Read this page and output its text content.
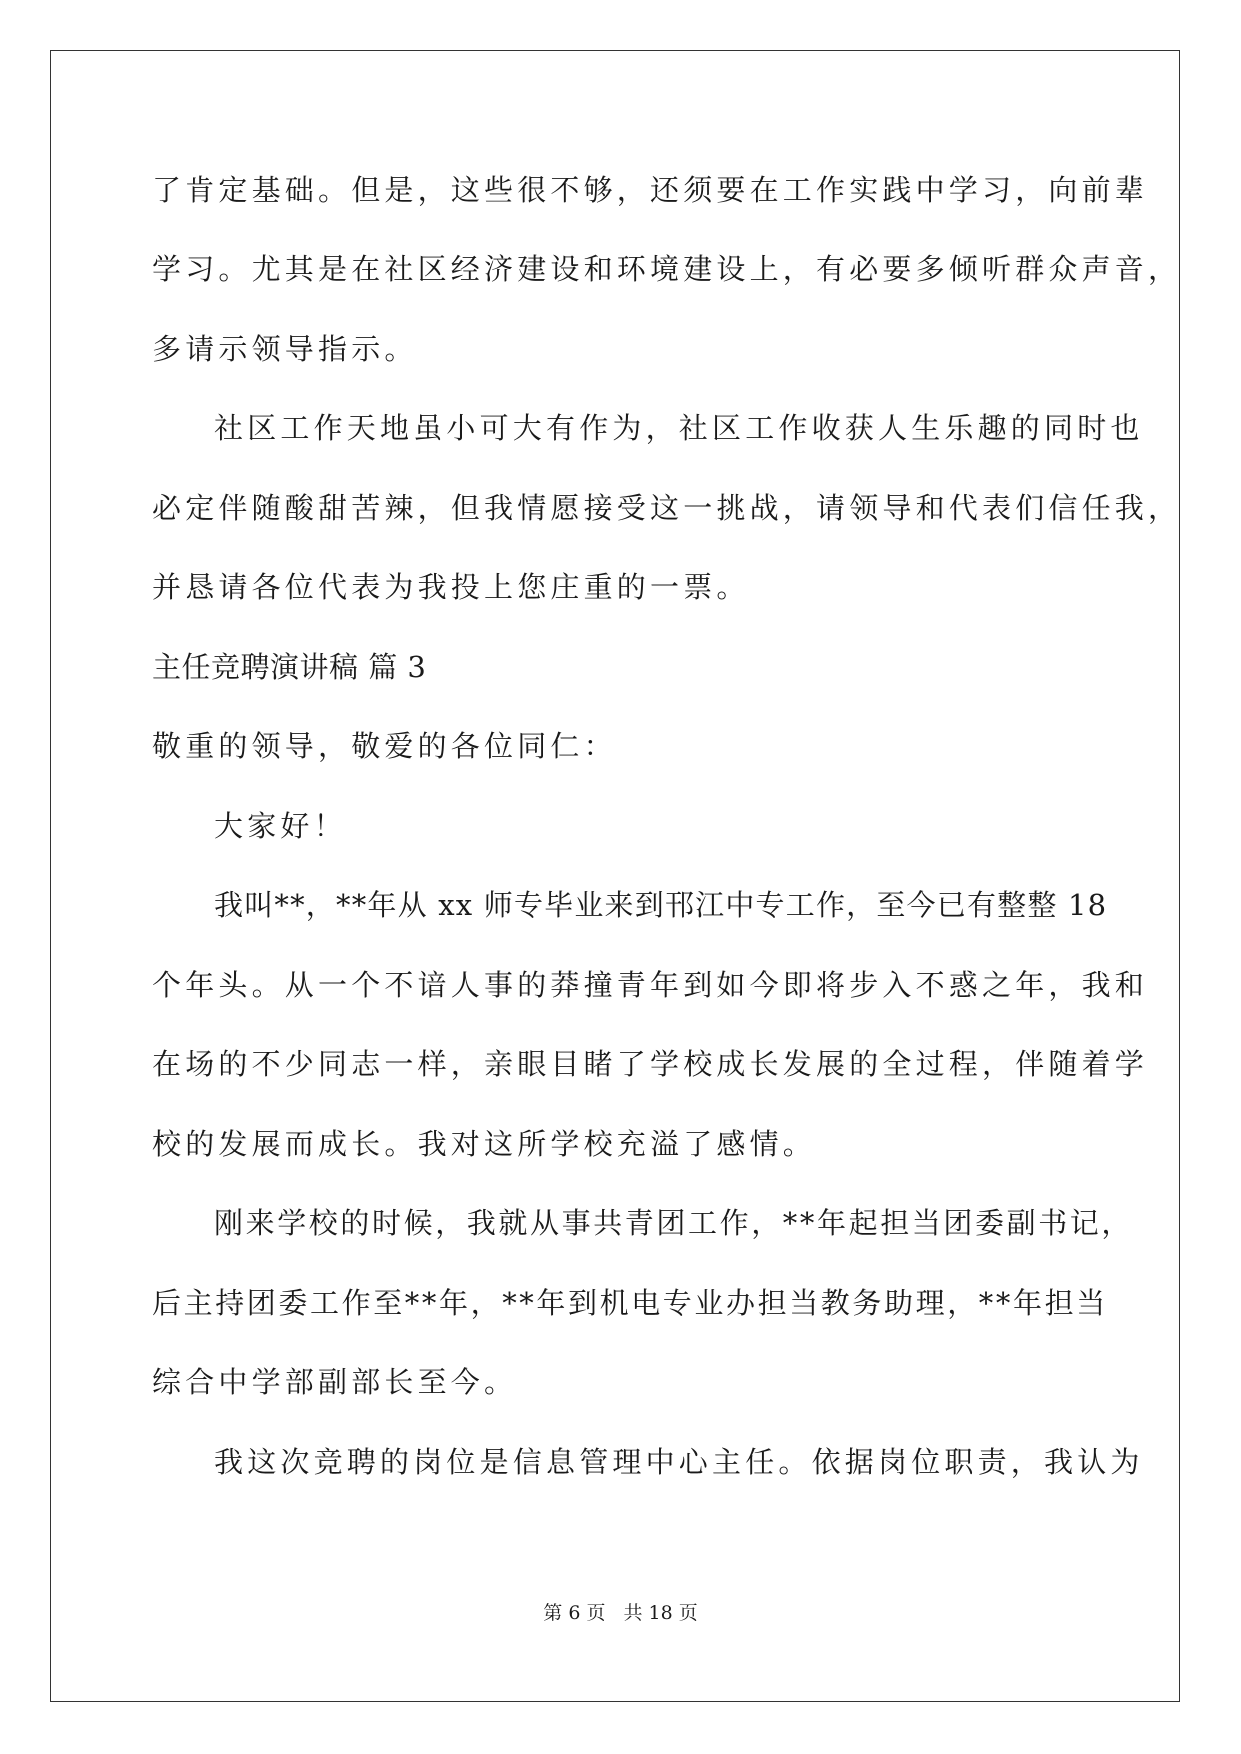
了肯定基础。但是，这些很不够，还须要在工作实践中学习，向前辈
学习。尤其是在社区经济建设和环境建设上，有必要多倾听群众声音，
多请示领导指示。
社区工作天地虽小可大有作为，社区工作收获人生乐趣的同时也
必定伴随酸甜苦辣，但我情愿接受这一挑战，请领导和代表们信任我，
并恳请各位代表为我投上您庄重的一票。
主任竞聘演讲稿 篇 3
敬重的领导，敬爱的各位同仁：
大家好！
我叫**，**年从 xx 师专毕业来到邗江中专工作，至今已有整整 18
个年头。从一个不谙人事的莽撞青年到如今即将步入不惑之年，我和
在场的不少同志一样，亲眼目睹了学校成长发展的全过程，伴随着学
校的发展而成长。我对这所学校充溢了感情。
刚来学校的时候，我就从事共青团工作，**年起担当团委副书记，
后主持团委工作至**年，**年到机电专业办担当教务助理，**年担当
综合中学部副部长至今。
我这次竞聘的岗位是信息管理中心主任。依据岗位职责，我认为
第 6 页 共 18 页
